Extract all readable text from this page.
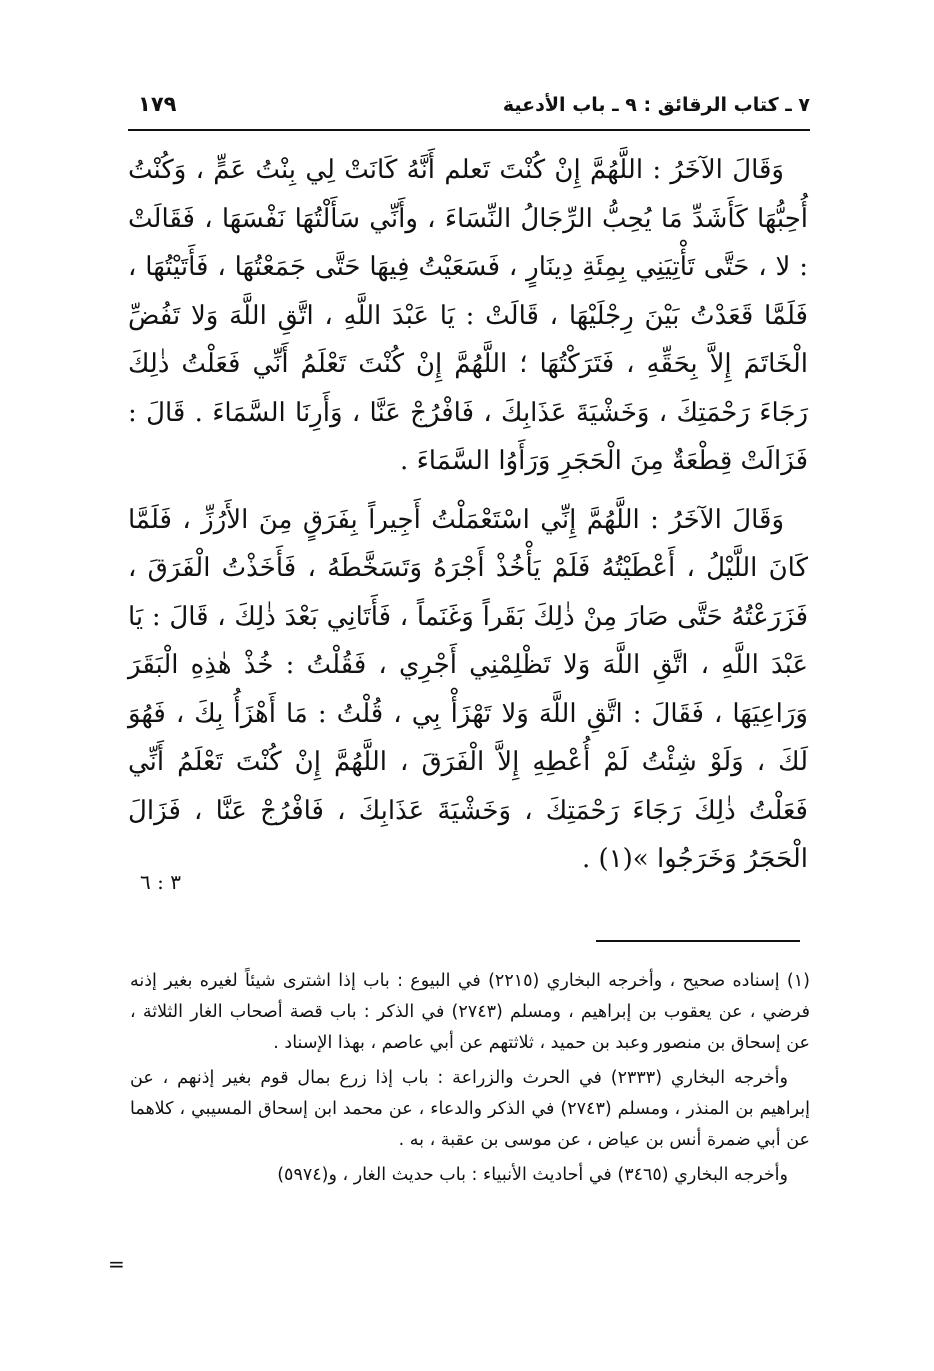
٧ ـ كتاب الرقائق : ٩ ـ باب الأدعية
١٧٩

وَقَالَ الآخَرُ : اللَّهُمَّ إِنْ كُنْتَ تَعلم أَنَّهُ كَانَتْ لِي بِنْتُ عَمٍّ ، وَكُنْتُ أُحِبُّهَا كَأَشَدِّ مَا يُحِبُّ الرِّجَالُ النِّسَاءَ ، وأَنِّي سَأَلْتُهَا نَفْسَهَا ، فَقَالَتْ : لا ، حَتَّى تَأْتِيَنِي بِمِئَةِ دِينَارٍ ، فَسَعَيْتُ فِيهَا حَتَّى جَمَعْتُهَا ، فَأَتَيْتُهَا ، فَلَمَّا قَعَدْتُ بَيْنَ رِجْلَيْهَا ، قَالَتْ : يَا عَبْدَ اللَّهِ ، اتَّقِ اللَّهَ وَلا تَفُضِّ الْخَاتَمَ إِلاَّ بِحَقِّهِ ، فَتَرَكْتُهَا ؛ اللَّهُمَّ إِنْ كُنْتَ تَعْلَمُ أَنِّي فَعَلْتُ ذٰلِكَ رَجَاءَ رَحْمَتِكَ ، وَخَشْيَةَ عَذَابِكَ ، فَافْرُجْ عَنَّا ، وَأَرِنَا السَّمَاءَ . قَالَ : فَزَالَتْ قِطْعَةٌ مِنَ الْحَجَرِ وَرَأَوُا السَّمَاءَ .

وَقَالَ الآخَرُ : اللَّهُمَّ إِنِّي اسْتَعْمَلْتُ أَجِيراً بِفَرَقٍ مِنَ الأَرُزِّ ، فَلَمَّا كَانَ اللَّيْلُ ، أَعْطَيْتُهُ فَلَمْ يَأْخُذْ أَجْرَهُ وَتَسَخَّطَهُ ، فَأَخَذْتُ الْفَرَقَ ، فَزَرَعْتُهُ حَتَّى صَارَ مِنْ ذٰلِكَ بَقَراً وَغَنَماً ، فَأَتَانِي بَعْدَ ذٰلِكَ ، قَالَ : يَا عَبْدَ اللَّهِ ، اتَّقِ اللَّهَ وَلا تَظْلِمْنِي أَجْرِي ، فَقُلْتُ : خُذْ هٰذِهِ الْبَقَرَ وَرَاعِيَهَا ، فَقَالَ : اتَّقِ اللَّهَ وَلا تَهْزَأْ بِي ، قُلْتُ : مَا أَهْزَأُ بِكَ ، فَهُوَ لَكَ ، وَلَوْ شِئْتُ لَمْ أُعْطِهِ إِلاَّ الْفَرَقَ ، اللَّهُمَّ إِنْ كُنْتَ تَعْلَمُ أَنِّي فَعَلْتُ ذٰلِكَ رَجَاءَ رَحْمَتِكَ ، وَخَشْيَةَ عَذَابِكَ ، فَافْرُجْ عَنَّا ، فَزَالَ الْحَجَرُ وَخَرَجُوا »(١) .

٣ : ٦

(١) إسناده صحيح ، وأخرجه البخاري (٢٢١٥) في البيوع : باب إذا اشترى شيئاً لغيره بغير إذنه فرضي ، عن يعقوب بن إبراهيم ، ومسلم (٢٧٤٣) في الذكر : باب قصة أصحاب الغار الثلاثة ، عن إسحاق بن منصور وعبد بن حميد ، ثلاثتهم عن أبي عاصم ، بهذا الإسناد .

وأخرجه البخاري (٢٣٣٣) في الحرث والزراعة : باب إذا زرع بمال قوم بغير إذنهم ، عن إبراهيم بن المنذر ، ومسلم (٢٧٤٣) في الذكر والدعاء ، عن محمد ابن إسحاق المسيبي ، كلاهما عن أبي ضمرة أنس بن عياض ، عن موسى بن عقبة ، به .

وأخرجه البخاري (٣٤٦٥) في أحاديث الأنبياء : باب حديث الغار ، و(٥٩٧٤)

=
